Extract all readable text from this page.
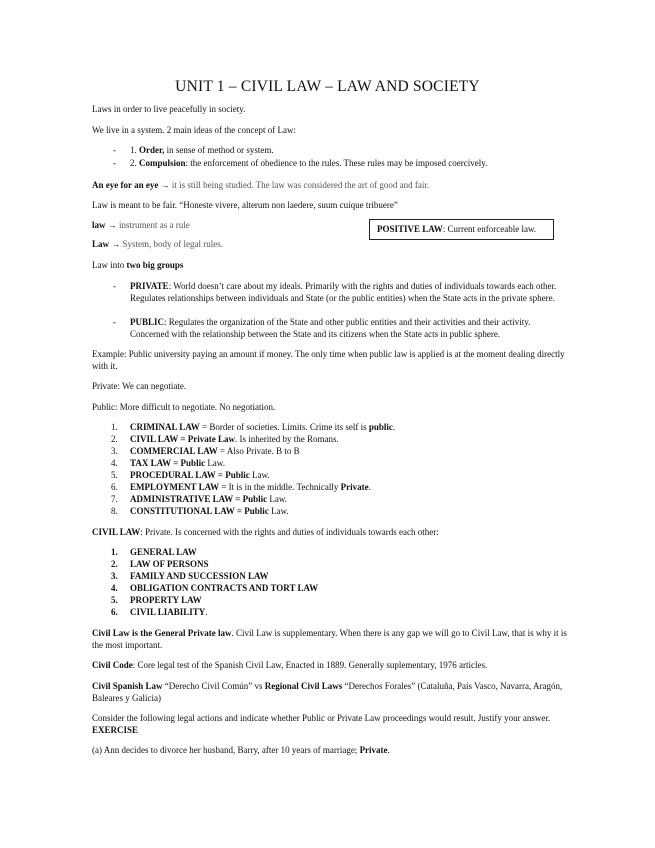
UNIT 1 – CIVIL LAW – LAW AND SOCIETY
Laws in order to live peacefully in society.
We live in a system. 2 main ideas of the concept of Law:
- 1. Order, in sense of method or system.
- 2. Compulsion: the enforcement of obedience to the rules. These rules may be imposed coercively.
An eye for an eye → it is still being studied. The law was considered the art of good and fair.
Law is meant to be fair. “Honeste vivere, alterum non laedere, suum cuique tribuere”
law → instrument as a rule	POSITIVE LAW: Current enforceable law.
Law → System, body of legal rules.
Law into two big groups
- PRIVATE: World doesn’t care about my ideals. Primarily with the rights and duties of individuals towards each other. Regulates relationships between individuals and State (or the public entities) when the State acts in the private sphere.
- PUBLIC: Regulates the organization of the State and other public entities and their activities and their activity. Concerned with the relationship between the State and its citizens when the State acts in public sphere.
Example: Public university paying an amount if money. The only time when public law is applied is at the moment dealing directly with it.
Private: We can negotiate.
Public: More difficult to negotiate. No negotiation.
1. CRIMINAL LAW = Border of societies. Limits. Crime its self is public.
2. CIVIL LAW = Private Law. Is inherited by the Romans.
3. COMMERCIAL LAW = Also Private. B to B
4. TAX LAW = Public Law.
5. PROCEDURAL LAW = Public Law.
6. EMPLOYMENT LAW = It is in the middle. Technically Private.
7. ADMINISTRATIVE LAW = Public Law.
8. CONSTITUTIONAL LAW = Public Law.
CIVIL LAW: Private. Is concerned with the rights and duties of individuals towards each other:
1. GENERAL LAW
2. LAW OF PERSONS
3. FAMILY AND SUCCESSION LAW
4. OBLIGATION CONTRACTS AND TORT LAW
5. PROPERTY LAW
6. CIVIL LIABILITY.
Civil Law is the General Private law. Civil Law is supplementary. When there is any gap we will go to Civil Law, that is why it is the most important.
Civil Code: Core legal test of the Spanish Civil Law, Enacted in 1889. Generally suplementary, 1976 articles.
Civil Spanish Law “Derecho Civil Común” vs Regional Civil Laws “Derechos Forales” (Cataluña, País Vasco, Navarra, Aragón, Baleares y Galicia)
Consider the following legal actions and indicate whether Public or Private Law proceedings would result. Justify your answer. EXERCISE
(a) Ann decides to divorce her husband, Barry, after 10 years of marriage; Private.
